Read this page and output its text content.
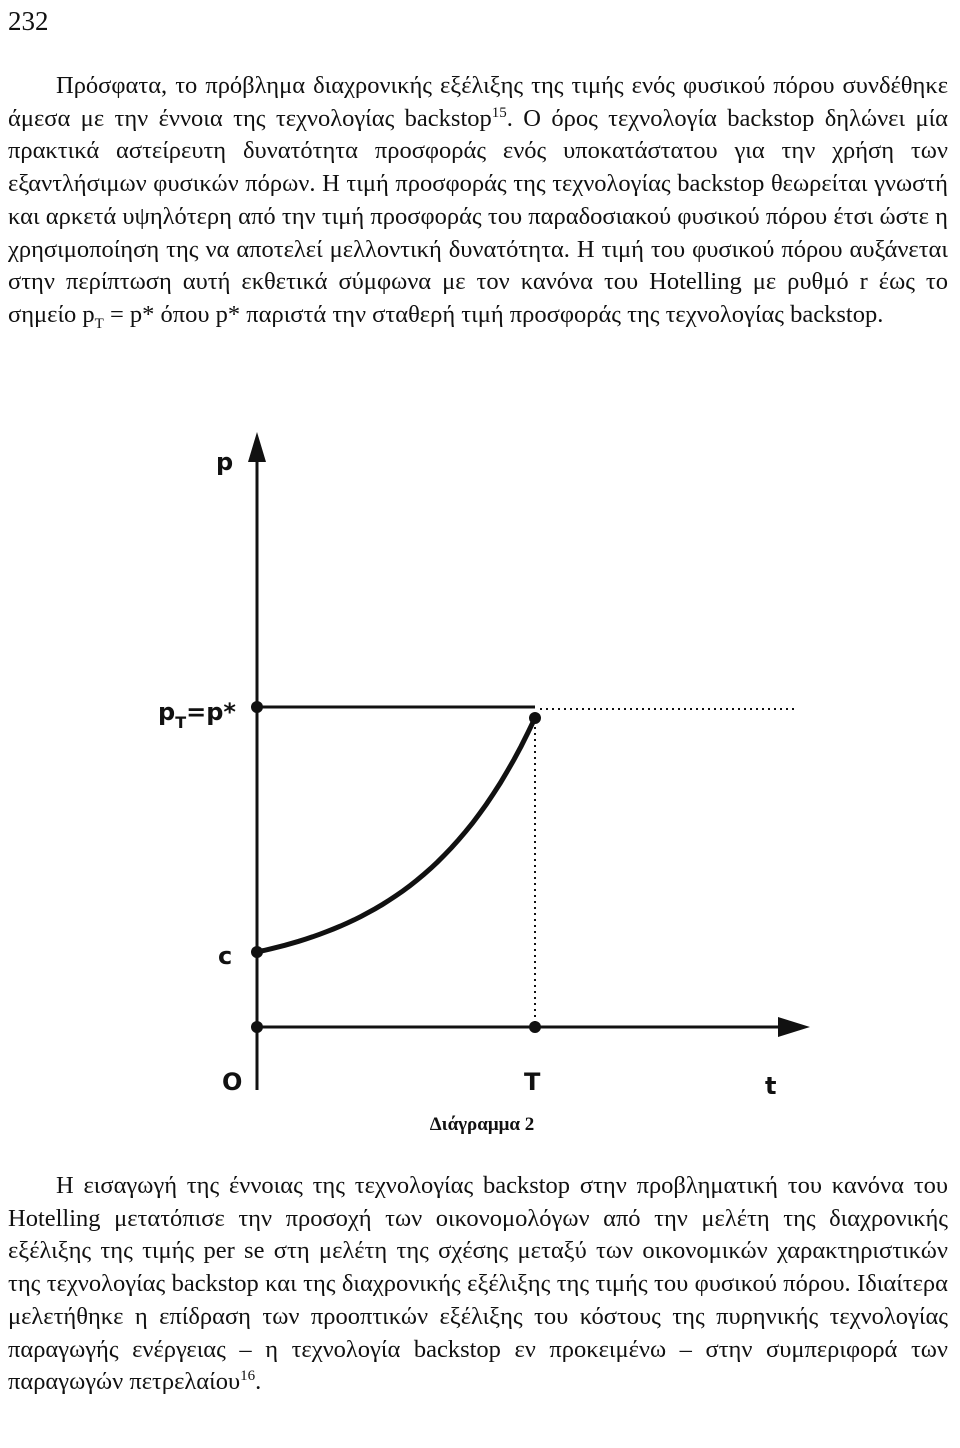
232
Πρόσφατα, το πρόβλημα διαχρονικής εξέλιξης της τιμής ενός φυσικού πόρου συνδέθηκε άμεσα με την έννοια της τεχνολογίας backstop$^{15}$. Ο όρος τεχνολογία backstop δηλώνει μία πρακτικά αστείρευτη δυνατότητα προσφοράς ενός υποκατάστατου για την χρήση των εξαντλήσιμων φυσικών πόρων. Η τιμή προσφοράς της τεχνολογίας backstop θεωρείται γνωστή και αρκετά υψηλότερη από την τιμή προσφοράς του παραδοσιακού φυσικού πόρου έτσι ώστε η χρησιμοποίηση της να αποτελεί μελλοντική δυνατότητα. Η τιμή του φυσικού πόρου αυξάνεται στην περίπτωση αυτή εκθετικά σύμφωνα με τον κανόνα του Hotelling με ρυθμό r έως το σημείο $p_T = p*$ όπου p* παριστά την σταθερή τιμή προσφοράς της τεχνολογίας backstop.
p
$p_T=p*$
c
O	T	t
Διάγραμμα 2
Η εισαγωγή της έννοιας της τεχνολογίας backstop στην προβληματική του κανόνα του Hotelling μετατόπισε την προσοχή των οικονομολόγων από την μελέτη της διαχρονικής εξέλιξης της τιμής per se στη μελέτη της σχέσης μεταξύ των οικονομικών χαρακτηριστικών της τεχνολογίας backstop και της διαχρονικής εξέλιξης της τιμής του φυσικού πόρου. Ιδιαίτερα μελετήθηκε η επίδραση των προοπτικών εξέλιξης του κόστους της πυρηνικής τεχνολογίας παραγωγής ενέργειας – η τεχνολογία backstop εν προκειμένω – στην συμπεριφορά των παραγωγών πετρελαίου$^{16}$.
